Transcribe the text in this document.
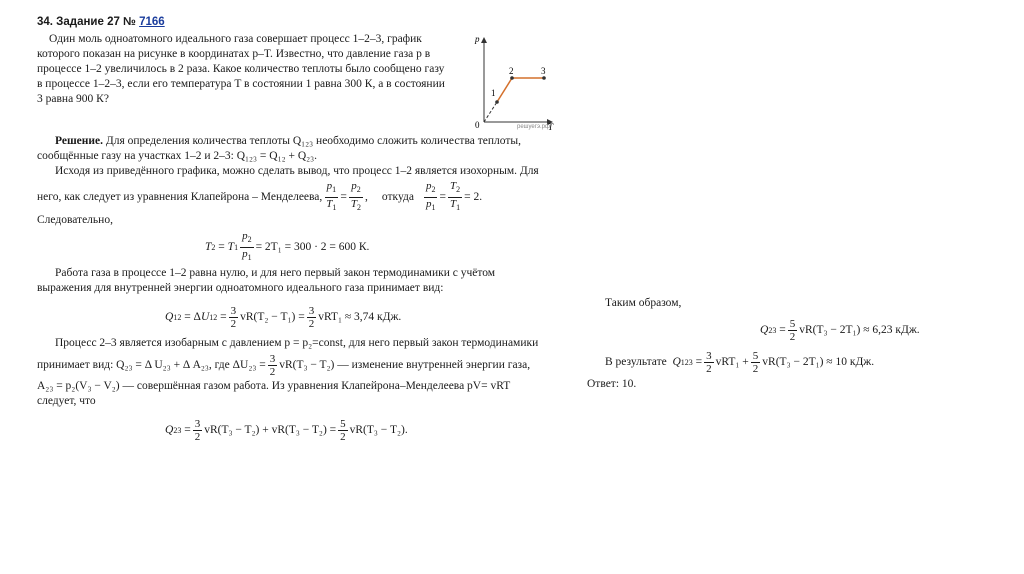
34. Задание 27 № 7166
Один моль одноатомного идеального газа совершает процесс 1–2–3, график
которого показан на рисунке в координатах p–T. Известно, что давление газа p в
процессе 1–2 увеличилось в 2 раза. Какое количество теплоты было сообщено газу
в процессе 1–2–3, если его температура T в состоянии 1 равна 300 К, а в состоянии
3 равна 900 К?
p
T
0
1
2	3
решуегэ.рф
Решение. Для определения количества теплоты Q₁₂₃ необходимо сложить количества теплоты,
сообщённые газу на участках 1–2 и 2–3: Q₁₂₃ = Q₁₂ + Q₂₃.
Исходя из приведённого графика, можно сделать вывод, что процесс 1–2 является изохорным. Для
него, как следует из уравнения Клапейрона – Менделеева,
$p_1$
$T_1$
=
$p_2$
$T_2$
, откуда
$p_2$
$p_1$
= $\frac{T_2}{T_1} = 2$.
Следовательно,
T 2 = T $1 \frac{p_2}{p_1} = 2T_1 = 300 \cdot 2 = 600$ К.
Работа газа в процессе 1–2 равна нулю, и для него первый закон термодинамики с учётом
выражения для внутренней энергии одноатомного идеального газа принимает вид:
Q 12 = Δ U 12 = 3
2
$vR(T_2 - T_1) = \frac{3}{2} vRT_1 \approx 3,74$ кДж.
Процесс 2–3 является изобарным с давлением p = p₂=const, для него первый закон термодинамики
принимает вид: Q₂₃ = Δ U₂₃ + Δ A₂₃, где $\Delta U_{23} = \frac{3}{2} vR(T_3 - T_2)$ — изменение внутренней энергии газа,
A₂₃ = p₂(V₃ − V₂) — совершённая газом работа. Из уравнения Клапейрона–Менделеева pV= vRT
следует, что
Q 23 = 3
2
$vR(T_3 - T_2) + vR(T_3 - T_2) = \frac{5}{2} vR(T_3 - T_2)$.
Таким образом,
Q 23 = 5
2
vR(T₃ − 2T₁) ≈ 6,23 кДж.
В результате
Q 123 = 3
2
$vRT_1 + \frac{5}{2} vR(T_3 - 2T_1) \approx 10$ кДж.
Ответ: 10.
